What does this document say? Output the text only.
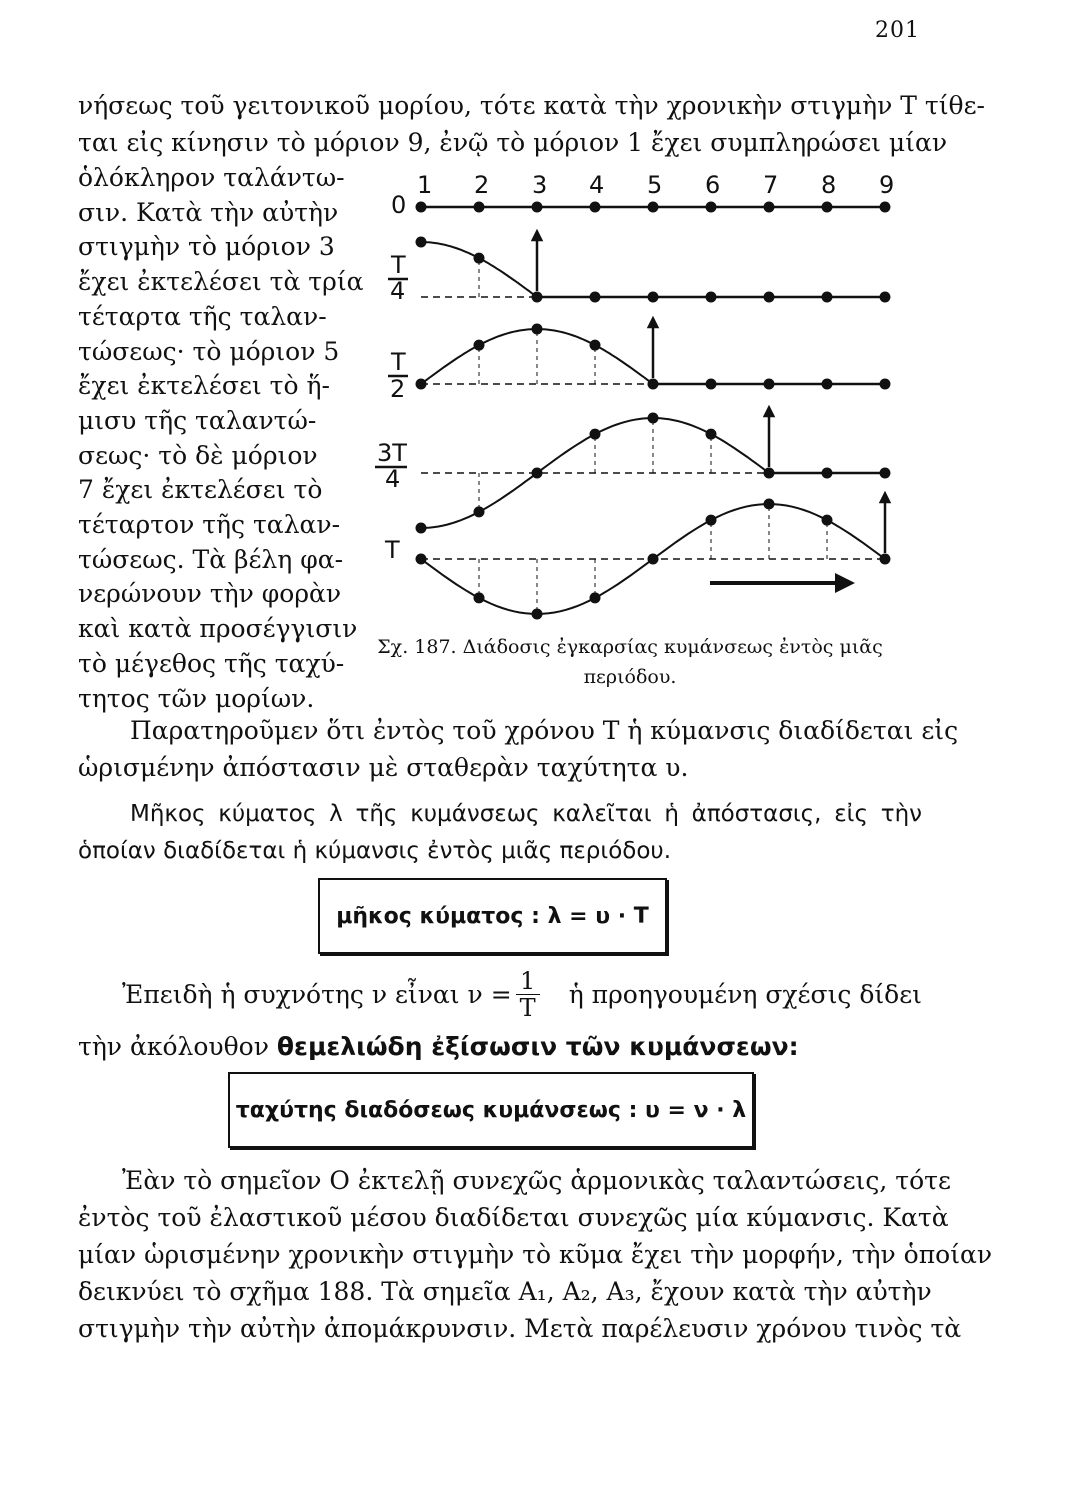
201
νήσεως τοῦ γειτονικοῦ μορίου, τότε κατὰ τὴν χρονικὴν στιγμὴν Τ τίθε-
ται εἰς κίνησιν τὸ μόριον 9, ἐνῷ τὸ μόριον 1 ἔχει συμπληρώσει μίαν
ὁλόκληρον ταλάντω-
σιν. Κατὰ τὴν αὐτὴν
στιγμὴν τὸ μόριον 3
ἔχει ἐκτελέσει τὰ τρία
τέταρτα τῆς ταλαν-
τώσεως· τὸ μόριον 5
ἔχει ἐκτελέσει τὸ ἥ-
μισυ τῆς ταλαντώ-
σεως· τὸ δὲ μόριον
7 ἔχει ἐκτελέσει τὸ
τέταρτον τῆς ταλαν-
τώσεως. Τὰ βέλη φα-
νερώνουν τὴν φορὰν
καὶ κατὰ προσέγγισιν
τὸ μέγεθος τῆς ταχύ-
τητος τῶν μορίων.
0
1 2 3 4 5 6 7 8 9
T
4
T
2
3T
4
T
Σχ. 187. Διάδοσις ἐγκαρσίας κυμάνσεως ἐντὸς μιᾶς
περιόδου.
Παρατηροῦμεν ὅτι ἐντὸς τοῦ χρόνου Τ ἡ κύμανσις διαδίδεται εἰς
ὡρισμένην ἀπόστασιν μὲ σταθερὰν ταχύτητα υ.
Μῆκος κύματος λ τῆς κυμάνσεως καλεῖται ἡ ἀπόστασις, εἰς τὴν
ὁποίαν διαδίδεται ἡ κύμανσις ἐντὸς μιᾶς περιόδου.
μῆκος κύματος : λ = υ · Τ
Ἐπειδὴ ἡ συχνότης ν εἶναι $\nu = \frac{1}{T}$ ἡ προηγουμένη σχέσις δίδει
τὴν ἀκόλουθον θεμελιώδη ἐξίσωσιν τῶν κυμάνσεων:
ταχύτης διαδόσεως κυμάνσεως : υ = ν · λ
Ἐὰν τὸ σημεῖον Ο ἐκτελῇ συνεχῶς ἁρμονικὰς ταλαντώσεις, τότε
ἐντὸς τοῦ ἐλαστικοῦ μέσου διαδίδεται συνεχῶς μία κύμανσις. Κατὰ
μίαν ὡρισμένην χρονικὴν στιγμὴν τὸ κῦμα ἔχει τὴν μορφήν, τὴν ὁποίαν
δεικνύει τὸ σχῆμα 188. Τὰ σημεῖα Α₁, Α₂, Α₃, ἔχουν κατὰ τὴν αὐτὴν
στιγμὴν τὴν αὐτὴν ἀπομάκρυνσιν. Μετὰ παρέλευσιν χρόνου τινὸς τὰ
